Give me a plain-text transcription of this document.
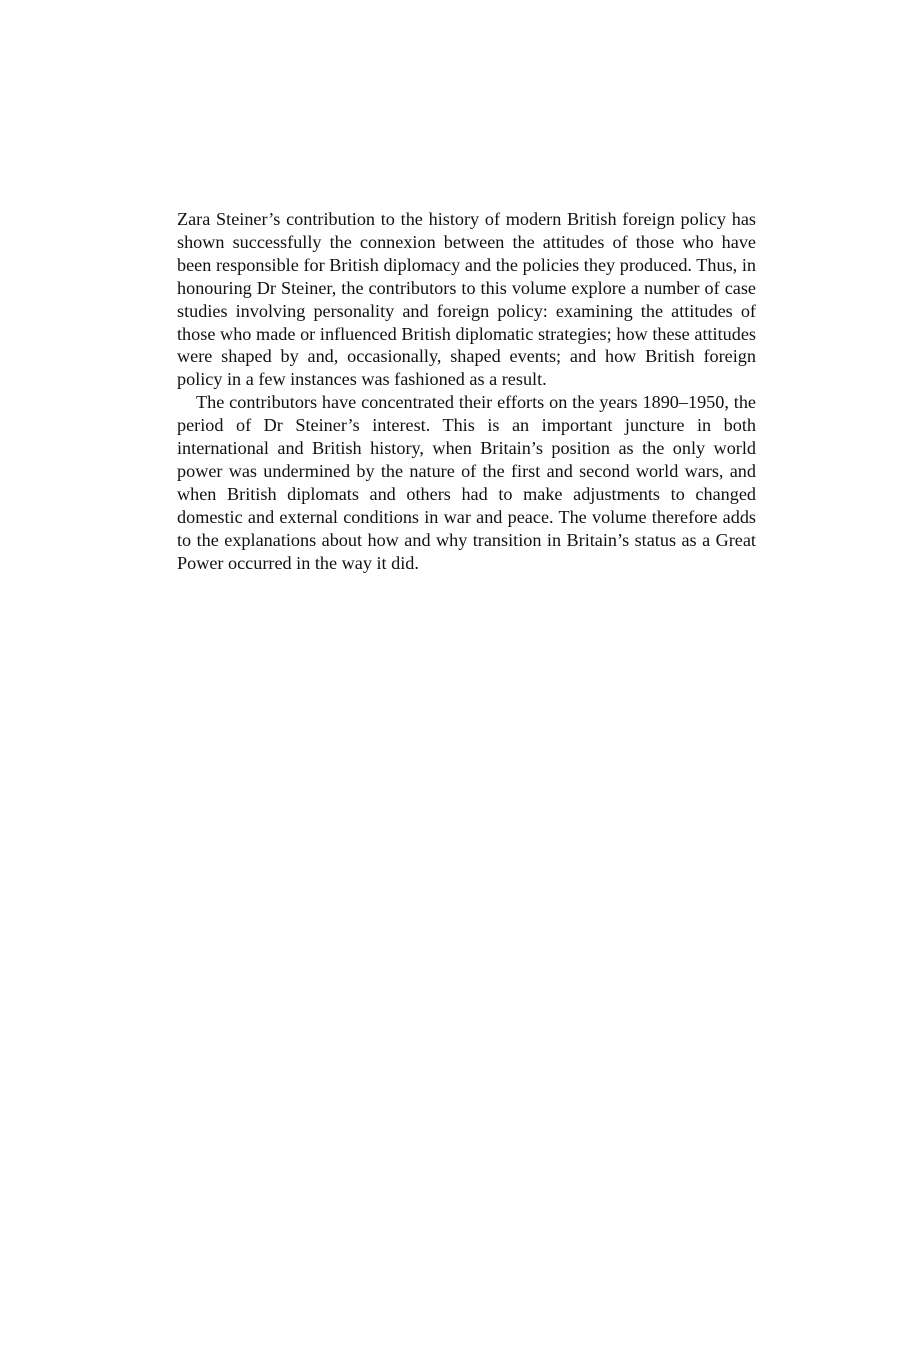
Zara Steiner’s contribution to the history of modern British foreign policy has shown successfully the connexion between the attitudes of those who have been responsible for British diplomacy and the policies they produced. Thus, in honouring Dr Steiner, the contributors to this volume explore a number of case studies involving personality and foreign policy: examining the attitudes of those who made or influenced British diplomatic strategies; how these attitudes were shaped by and, occasionally, shaped events; and how British foreign policy in a few instances was fashioned as a result.

The contributors have concentrated their efforts on the years 1890–1950, the period of Dr Steiner’s interest. This is an important juncture in both international and British history, when Britain’s position as the only world power was undermined by the nature of the first and second world wars, and when British diplomats and others had to make adjustments to changed domestic and external conditions in war and peace. The volume therefore adds to the explanations about how and why transition in Britain’s status as a Great Power occurred in the way it did.
